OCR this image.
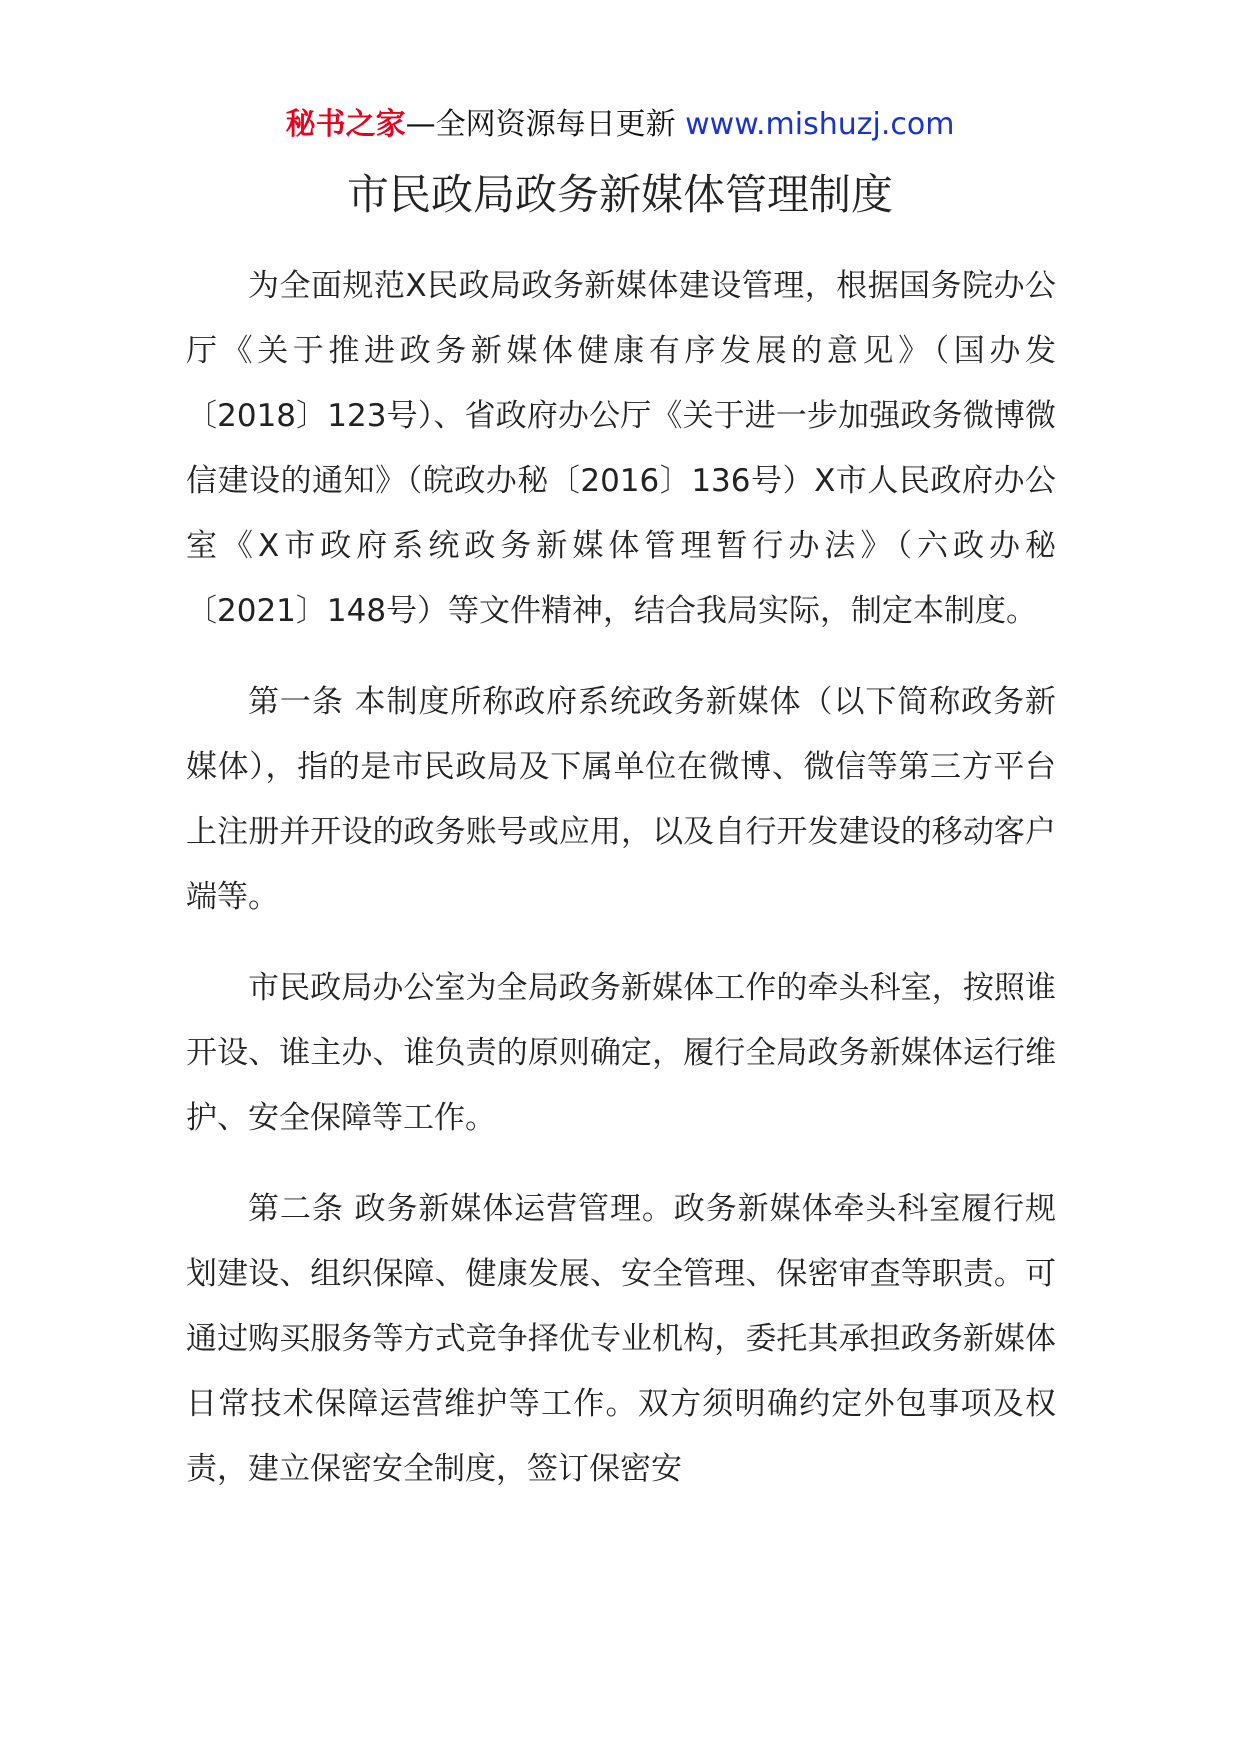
秘书之家—全网资源每日更新 www.mishuzj.com
市民政局政务新媒体管理制度

为全面规范X民政局政务新媒体建设管理，根据国务院办公厅《关于推进政务新媒体健康有序发展的意见》（国办发〔2018〕123号）、省政府办公厅《关于进一步加强政务微博微信建设的通知》（皖政办秘〔2016〕136号）X市人民政府办公室《X市政府系统政务新媒体管理暂行办法》（六政办秘〔2021〕148号）等文件精神，结合我局实际，制定本制度。

第一条 本制度所称政府系统政务新媒体（以下简称政务新媒体），指的是市民政局及下属单位在微博、微信等第三方平台上注册并开设的政务账号或应用，以及自行开发建设的移动客户端等。

市民政局办公室为全局政务新媒体工作的牵头科室，按照谁开设、谁主办、谁负责的原则确定，履行全局政务新媒体运行维护、安全保障等工作。

第二条 政务新媒体运营管理。政务新媒体牵头科室履行规划建设、组织保障、健康发展、安全管理、保密审查等职责。可通过购买服务等方式竞争择优专业机构，委托其承担政务新媒体日常技术保障运营维护等工作。双方须明确约定外包事项及权责，建立保密安全制度，签订保密安
